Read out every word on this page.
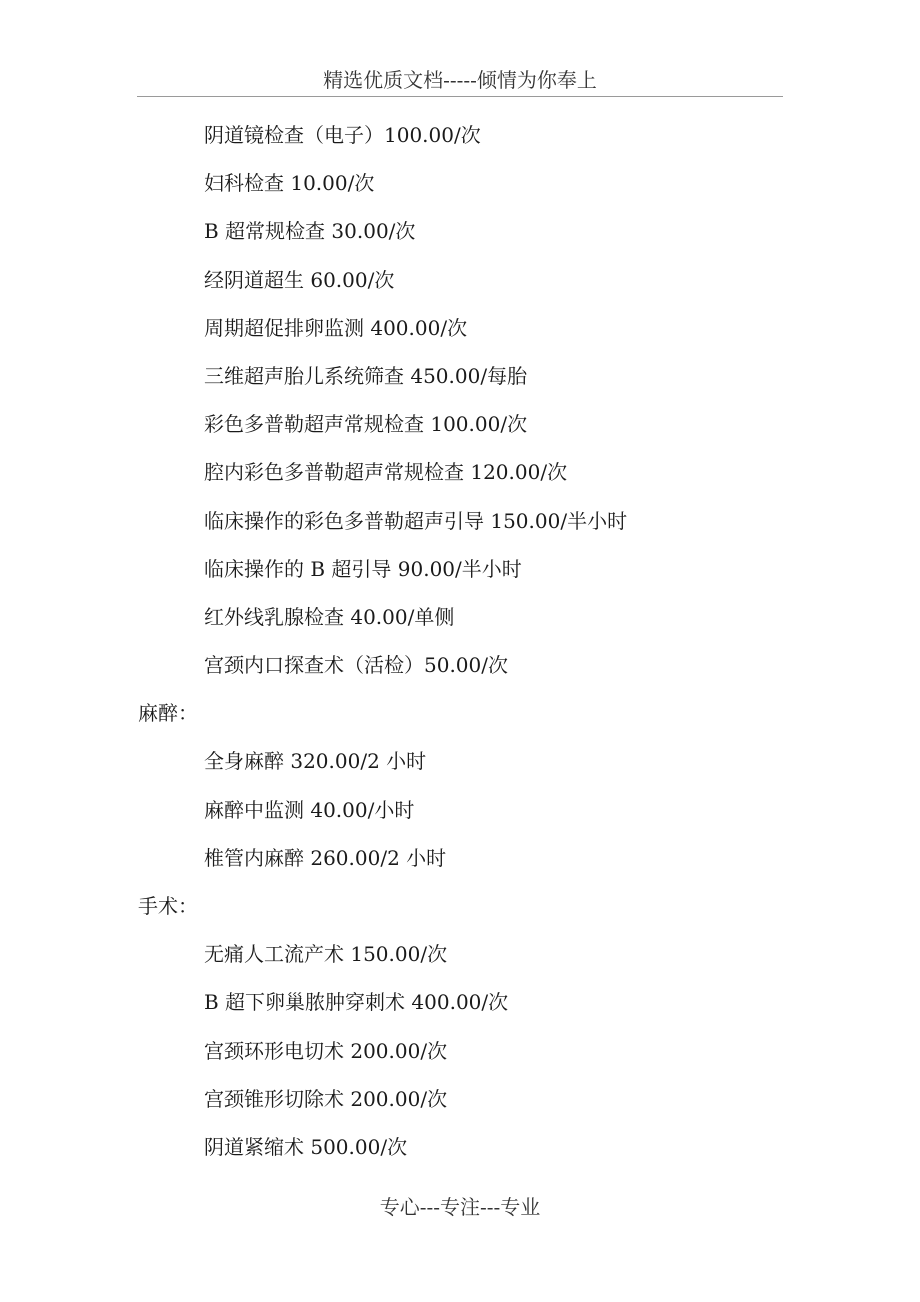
精选优质文档-----倾情为你奉上
阴道镜检查（电子）100.00/次
妇科检查 10.00/次
B 超常规检查 30.00/次
经阴道超生 60.00/次
周期超促排卵监测 400.00/次
三维超声胎儿系统筛查 450.00/每胎
彩色多普勒超声常规检查 100.00/次
腔内彩色多普勒超声常规检查 120.00/次
临床操作的彩色多普勒超声引导 150.00/半小时
临床操作的 B 超引导 90.00/半小时
红外线乳腺检查 40.00/单侧
宫颈内口探查术（活检）50.00/次
麻醉：
全身麻醉 320.00/2 小时
麻醉中监测 40.00/小时
椎管内麻醉 260.00/2 小时
手术：
无痛人工流产术 150.00/次
B 超下卵巢脓肿穿刺术 400.00/次
宫颈环形电切术 200.00/次
宫颈锥形切除术 200.00/次
阴道紧缩术 500.00/次
专心---专注---专业
